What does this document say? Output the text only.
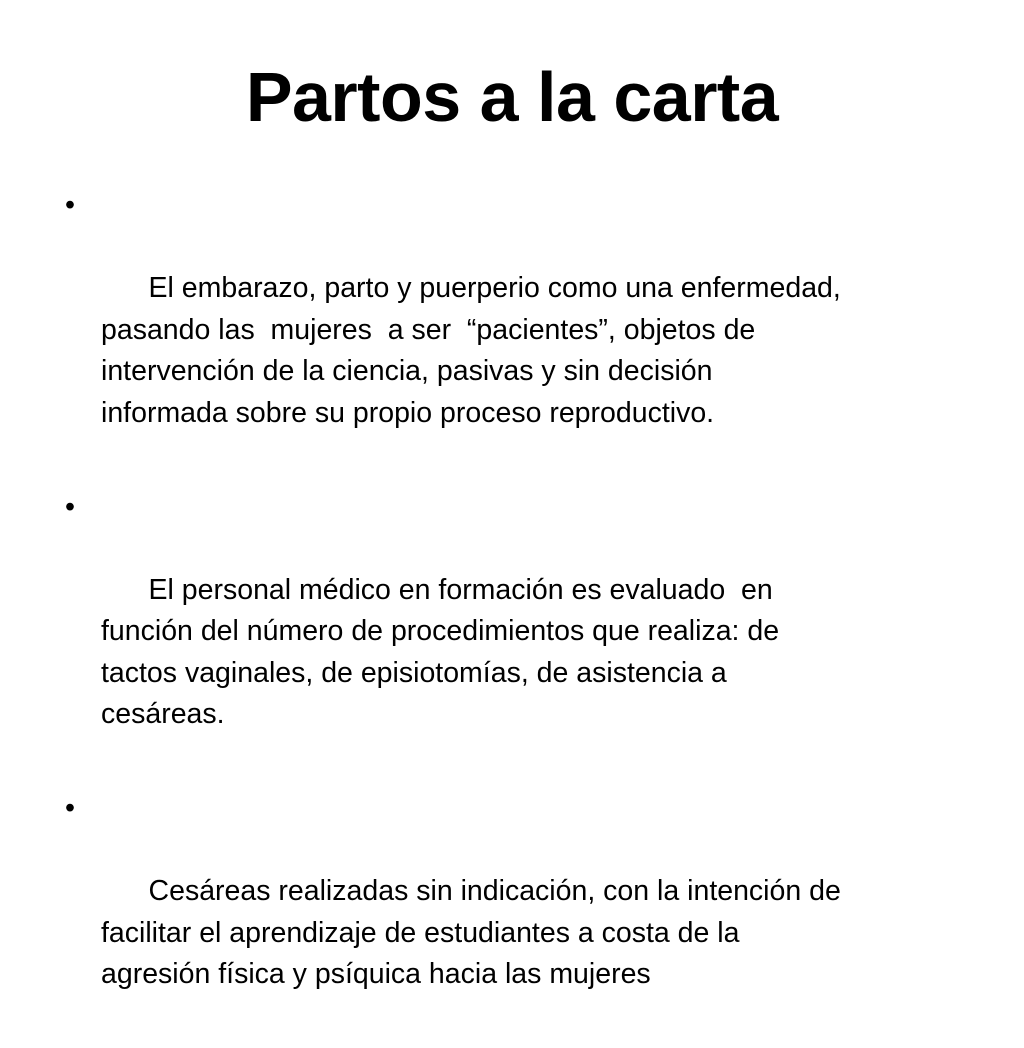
Partos a la carta

•

El embarazo, parto y puerperio como una enfermedad,
pasando las  mujeres  a ser  “pacientes”, objetos de
intervención de la ciencia, pasivas y sin decisión
informada sobre su propio proceso reproductivo.

•

El personal médico en formación es evaluado  en
función del número de procedimientos que realiza: de
tactos vaginales, de episiotomías, de asistencia a
cesáreas.

•

Cesáreas realizadas sin indicación, con la intención de
facilitar el aprendizaje de estudiantes a costa de la
agresión física y psíquica hacia las mujeres
